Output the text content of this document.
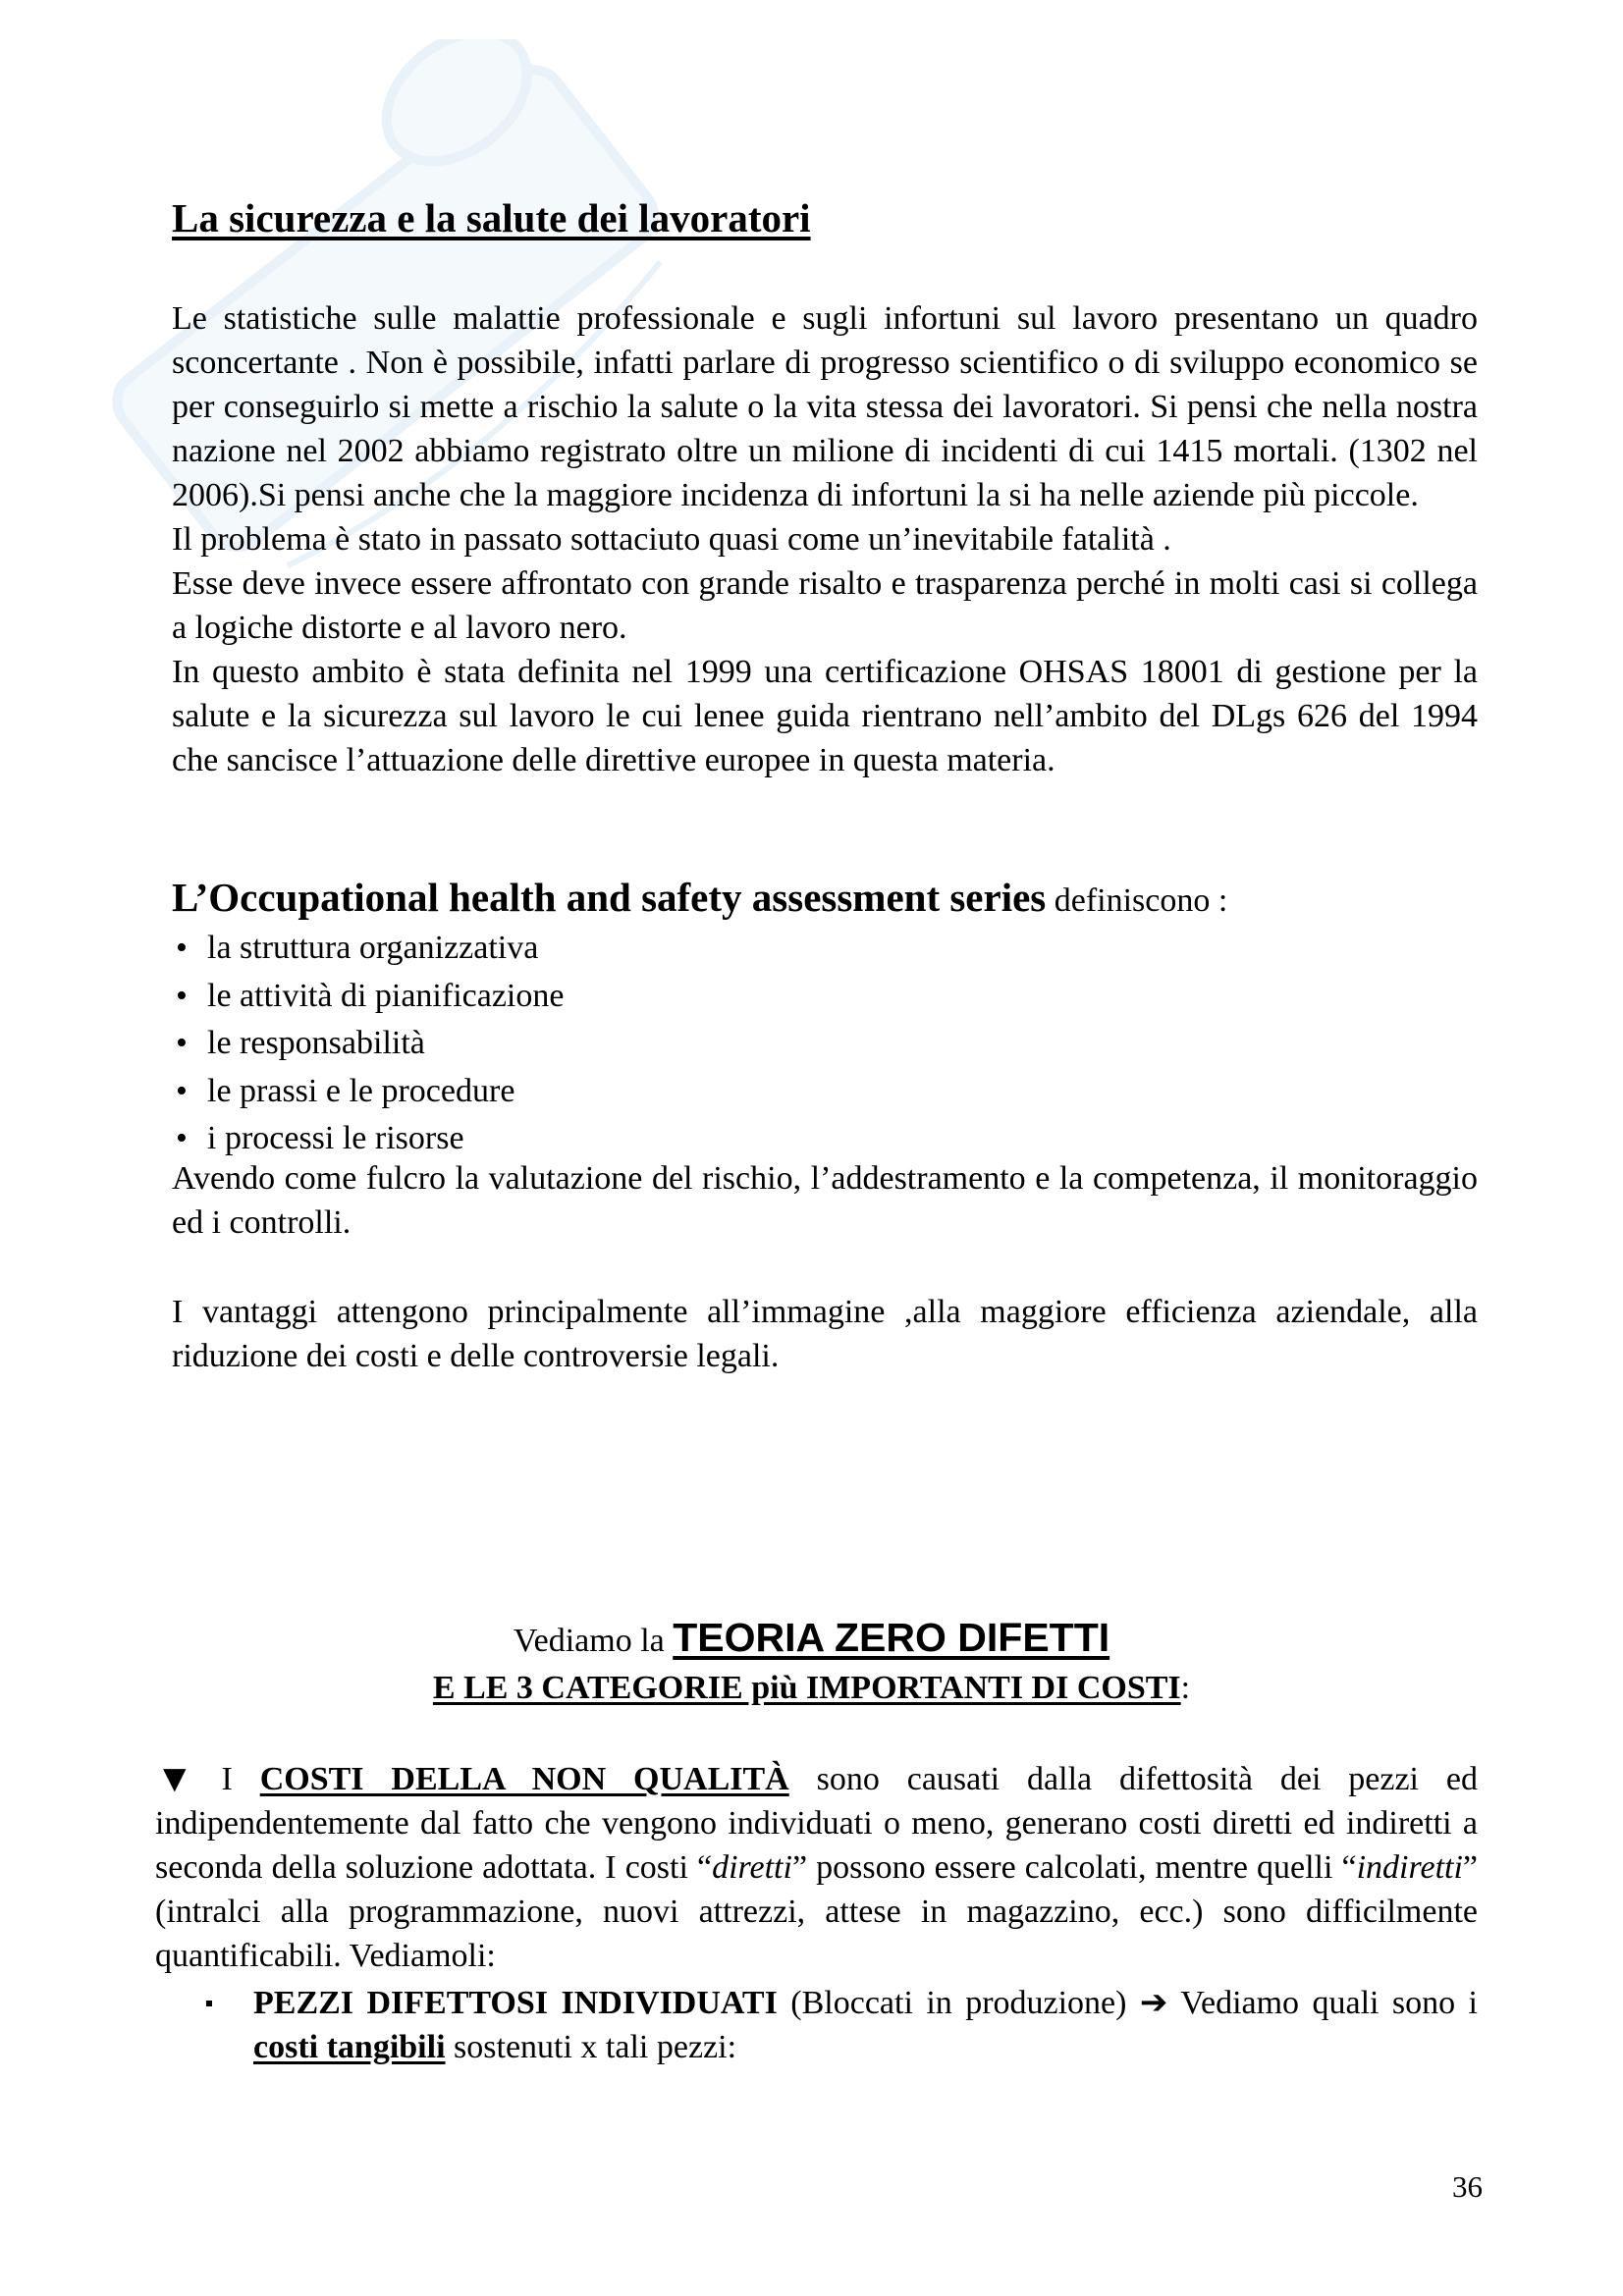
La sicurezza e la salute dei lavoratori

Le statistiche sulle malattie professionale e sugli infortuni sul lavoro presentano un quadro sconcertante . Non è possibile, infatti parlare di progresso scientifico o di sviluppo economico se per conseguirlo si mette a rischio la salute o la vita stessa dei lavoratori. Si pensi che nella nostra nazione nel 2002 abbiamo registrato oltre un milione di incidenti di cui 1415 mortali. (1302 nel 2006).Si pensi anche che la maggiore incidenza di infortuni la si ha nelle aziende più piccole.

Il problema è stato in passato sottaciuto quasi come un’inevitabile fatalità .

Esse deve invece essere affrontato con grande risalto e trasparenza perché in molti casi si collega a logiche distorte e al lavoro nero.

In questo ambito è stata definita nel 1999 una certificazione OHSAS 18001 di gestione per la salute e la sicurezza sul lavoro le cui lenee guida rientrano nell’ambito del DLgs 626 del 1994 che sancisce l’attuazione delle direttive europee in questa materia.

L’Occupational health and safety assessment series definiscono :
• la struttura organizzativa
• le attività di pianificazione
• le responsabilità
• le prassi e le procedure
• i processi le risorse

Avendo come fulcro la valutazione del rischio, l’addestramento e la competenza, il monitoraggio ed i controlli.

I vantaggi attengono principalmente all’immagine ,alla maggiore efficienza aziendale, alla riduzione dei costi e delle controversie legali.

Vediamo la TEORIA ZERO DIFETTI
E LE 3 CATEGORIE più IMPORTANTI DI COSTI:

▼ I COSTI DELLA NON QUALITÀ sono causati dalla difettosità dei pezzi ed indipendentemente dal fatto che vengono individuati o meno, generano costi diretti ed indiretti a seconda della soluzione adottata. I costi “diretti” possono essere calcolati, mentre quelli “indiretti” (intralci alla programmazione, nuovi attrezzi, attese in magazzino, ecc.) sono difficilmente quantificabili. Vediamoli:

PEZZI DIFETTOSI INDIVIDUATI (Bloccati in produzione) ➔ Vediamo quali sono i costi tangibili sostenuti x tali pezzi:
36
